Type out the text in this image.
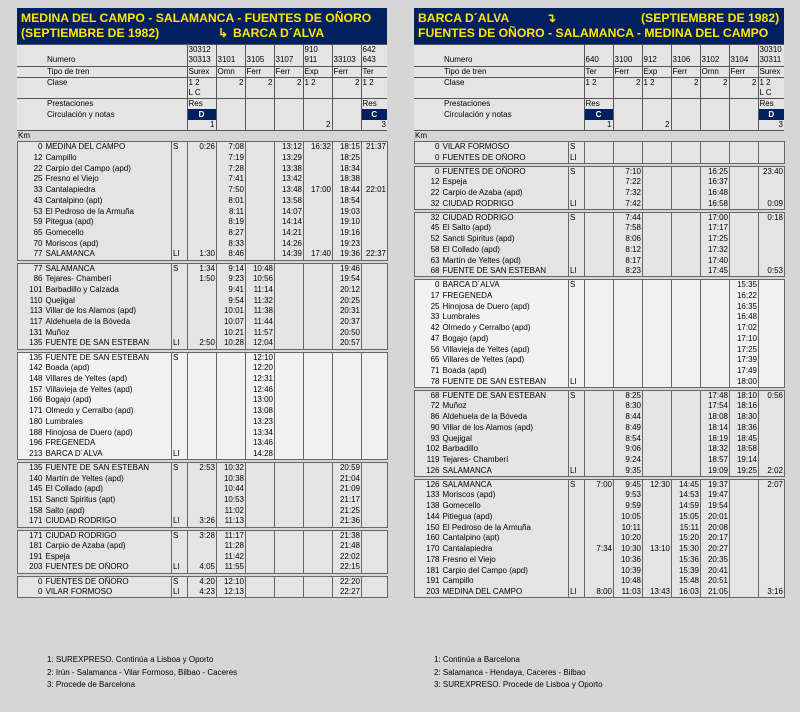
MEDINA DEL CAMPO - SALAMANCA - FUENTES DE OÑORO
(SEPTIEMBRE DE 1982)	↳ BARCA D´ALVA
	30312				910		642
Numero	30313	3101	3105	3107	911	33103	643
Tipo de tren	Surex	Omn	Ferr	Ferr	Exp	Ferr	Ter
Clase	1 2	2	2	2	1 2	2	1 2
	L C						
Prestaciones	Res						Res
Circulación y notas	D						C
	1				2		3
Km
0	MEDINA DEL CAMPO	S	0:26	7:08		13:12	16:32	18:15	21:37	
12	Campillo			7:19		13:29		18:25		
22	Carpio del Campo (apd)			7:28		13:38		18:34		
25	Fresno el Viejo			7:41		13:42		18:38		
33	Cantalapiedra			7:50		13:48	17:00	18:44	22:01	
43	Cantalpino (apt)			8:01		13:58		18:54		
53	El Pedroso de la Armuña			8:11		14:07		19:03		
59	Pitegua (apd)			8:19		14:14		19:10		
65	Gomecello			8:27		14:21		19:16		
70	Moriscos (apd)			8:33		14:26		19:23		
77	SALAMANCA	Ll	1:30	8:46		14:39	17:40	19:36	22:37	
77	SALAMANCA	S	1:34	9:14	10:48			19:46		
86	Tejares- Chamberí		1:50	9:23	10:56			19:54		
101	Barbadillo y Calzada			9:41	11:14			20:12		
110	Quejigal			9:54	11:32			20:25		
113	Villar de los Alamos (apd)			10:01	11:38			20:31		
117	Aldehuela de la Bóveda			10:07	11:44			20:37		
131	Muñoz			10:21	11:57			20:50		
135	FUENTE DE SAN ESTEBAN	Ll	2:50	10:28	12:04			20:57		
135	FUENTE DE SAN ESTEBAN	S			12:10					
142	Boada (apd)				12:20					
148	Villares de Yeltes (apd)				12:31					
157	Villavieja de Yeltes (apd)				12:46					
166	Bogajo (apd)				13:00					
171	Olmedo y Cerralbo (apd)				13:08					
180	Lumbrales				13:23					
188	Hinojosa de Duero (apd)				13:34					
196	FREGENEDA				13:46					
213	BARCA D´ALVA	Ll			14:28					
135	FUENTE DE SAN ESTEBAN	S	2:53	10:32				20:59		
140	Martín de Yeltes (apd)			10:38				21:04		
145	El Collado (apd)			10:44				21:09		
151	Sancti Spiritus (apt)			10:53				21:17		
158	Salto (apd)			11:02				21:25		
171	CIUDAD RODRIGO	Ll	3:26	11:13				21:36		
171	CIUDAD RODRIGO	S	3:28	11:17				21:38		
181	Carpio de Azaba (apd)			11:28				21:48		
191	Espeja			11:42				22:02		
203	FUENTES DE OÑORO	Ll	4:05	11:55				22:15		
0	FUENTES DE OÑORO	S	4:20	12:10				22:20		
0	VILAR FORMOSO	Ll	4:23	12:13				22:27		
BARCA D´ALVA	↴	(SEPTIEMBRE DE 1982)
FUENTES DE OÑORO - SALAMANCA - MEDINA DEL CAMPO
							30310
Numero	640	3100	912	3106	3102	3104	30311
Tipo de tren	Ter	Ferr	Exp	Ferr	Omn	Ferr	Surex
Clase	1 2	2	1 2	2	2	2	1 2
							L C
Prestaciones	Res						Res
Circulación y notas	C						D
	1		2				3
Km
0	VILAR FORMOSO	S								
0	FUENTES DE OÑORO	Ll								
0	FUENTES DE OÑORO	S		7:10			16:25		23:40	
12	Espeja			7:22			16:37			
22	Carpio de Azaba (apd)			7:32			16:48			
32	CIUDAD RODRIGO	Ll		7:42			16:58		0:09	
32	CIUDAD RODRIGO	S		7:44			17:00		0:18	
45	El Salto (apd)			7:58			17:17			
52	Sancti Spiritus (apd)			8:06			17:25			
58	El Collado (apd)			8:12			17:32			
63	Martín de Yeltes (apd)			8:17			17:40			
68	FUENTE DE SAN ESTEBAN	Ll		8:23			17:45		0:53	
0	BARCA D´ALVA	S						15:35		
17	FREGENEDA							16:22		
25	Hinojosa de Duero (apd)							16:35		
33	Lumbrales							16:48		
42	Olmedo y Cerralbo (apd)							17:02		
47	Bogajo (apd)							17:10		
56	Villavieja de Yeltes (apd)							17:25		
65	Villares de Yeltes (apd)							17:39		
71	Boada (apd)							17:49		
78	FUENTE DE SAN ESTEBAN	Ll						18:00		
68	FUENTE DE SAN ESTEBAN	S		8:25			17:48	18:10	0:56	
72	Muñoz			8:30			17:54	18:16		
86	Aldehuela de la Bóveda			8:44			18:08	18:30		
90	Villar de los Alamos (apd)			8:49			18:14	18:36		
93	Quejigal			8:54			18:19	18:45		
102	Barbadillo			9:06			18:32	18:58		
119	Tejares- Chamberí			9:24			18:57	19:14		
126	SALAMANCA	Ll		9:35			19:09	19:25	2:02	
126	SALAMANCA	S	7:00	9:45	12:30	14:45	19:37		2:07	
133	Moriscos (apd)			9:53		14:53	19:47			
138	Gomecello			9:59		14:59	19:54			
144	Pitiegua (apd)			10:05		15:05	20:01			
150	El Pedroso de la Armuña			10:11		15:11	20:08			
160	Cantalpino (apt)			10:20		15:20	20:17			
170	Cantalapiedra		7:34	10:30	13:10	15:30	20:27			
178	Fresno el Viejo			10:36		15:36	20:35			
181	Carpio del Campo (apd)			10:39		15:39	20:41			
191	Campillo			10:48		15:48	20:51			
203	MEDINA DEL CAMPO	Ll	8:00	11:03	13:43	16:03	21:05		3:16	
1: SUREXPRESO. Continúa a Lisboa y Oporto
2: Irún - Salamanca - Vilar Formoso, Bilbao - Caceres
3: Procede de Barcelona
1: Continúa a Barcelona
2: Salamanca - Hendaya, Caceres - Bilbao
3: SUREXPRESO. Procede de Lisboa y Oporto
